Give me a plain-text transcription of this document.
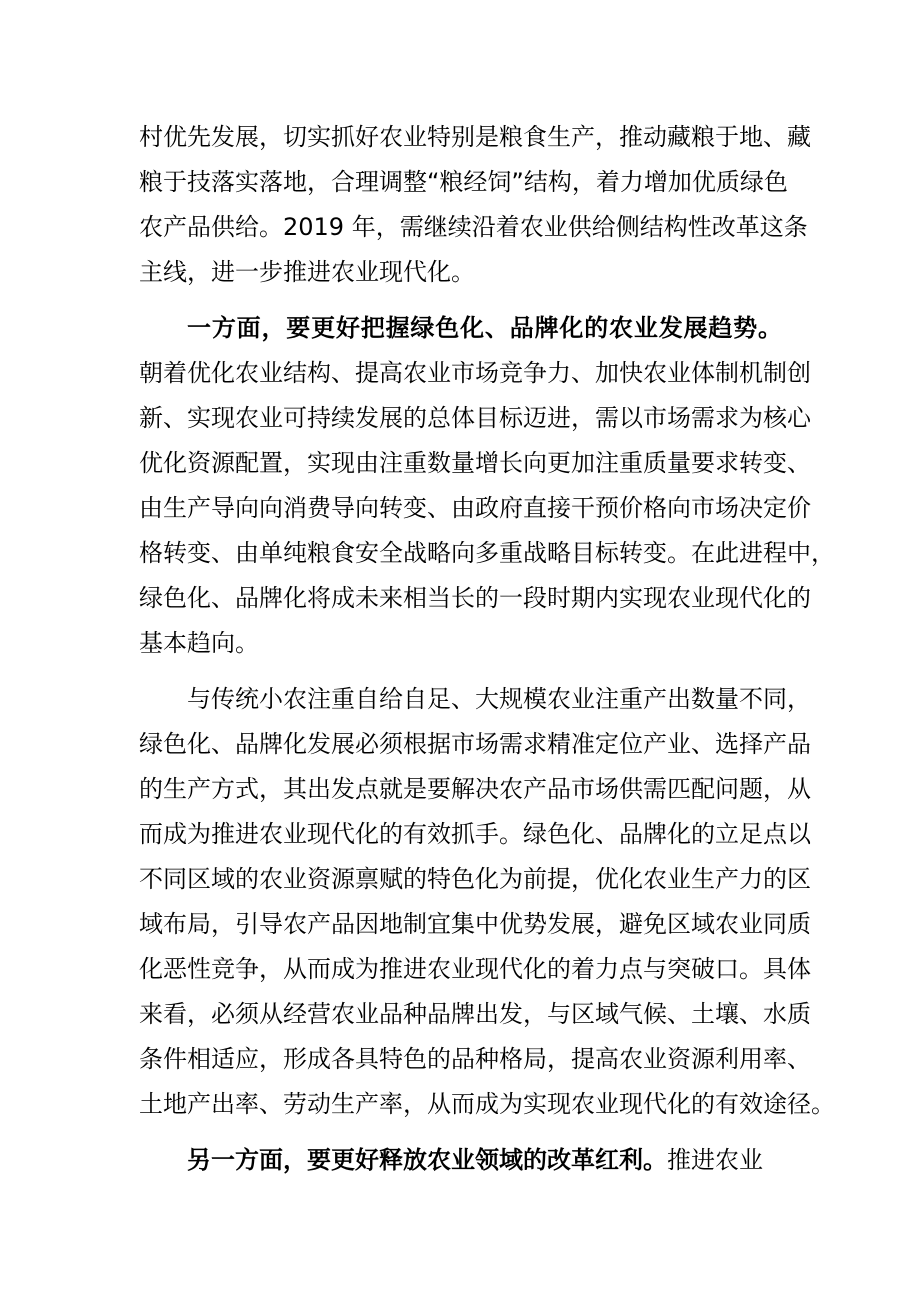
村优先发展，切实抓好农业特别是粮食生产，推动藏粮于地、藏
粮于技落实落地，合理调整“粮经饲”结构，着力增加优质绿色
农产品供给。2019 年，需继续沿着农业供给侧结构性改革这条
主线，进一步推进农业现代化。
一方面，要更好把握绿色化、品牌化的农业发展趋势。
朝着优化农业结构、提高农业市场竞争力、加快农业体制机制创
新、实现农业可持续发展的总体目标迈进，需以市场需求为核心
优化资源配置，实现由注重数量增长向更加注重质量要求转变、
由生产导向向消费导向转变、由政府直接干预价格向市场决定价
格转变、由单纯粮食安全战略向多重战略目标转变。在此进程中，
绿色化、品牌化将成未来相当长的一段时期内实现农业现代化的
基本趋向。
与传统小农注重自给自足、大规模农业注重产出数量不同，
绿色化、品牌化发展必须根据市场需求精准定位产业、选择产品
的生产方式，其出发点就是要解决农产品市场供需匹配问题，从
而成为推进农业现代化的有效抓手。绿色化、品牌化的立足点以
不同区域的农业资源禀赋的特色化为前提，优化农业生产力的区
域布局，引导农产品因地制宜集中优势发展，避免区域农业同质
化恶性竞争，从而成为推进农业现代化的着力点与突破口。具体
来看，必须从经营农业品种品牌出发，与区域气候、土壤、水质
条件相适应，形成各具特色的品种格局，提高农业资源利用率、
土地产出率、劳动生产率，从而成为实现农业现代化的有效途径。
另一方面，要更好释放农业领域的改革红利。推进农业
